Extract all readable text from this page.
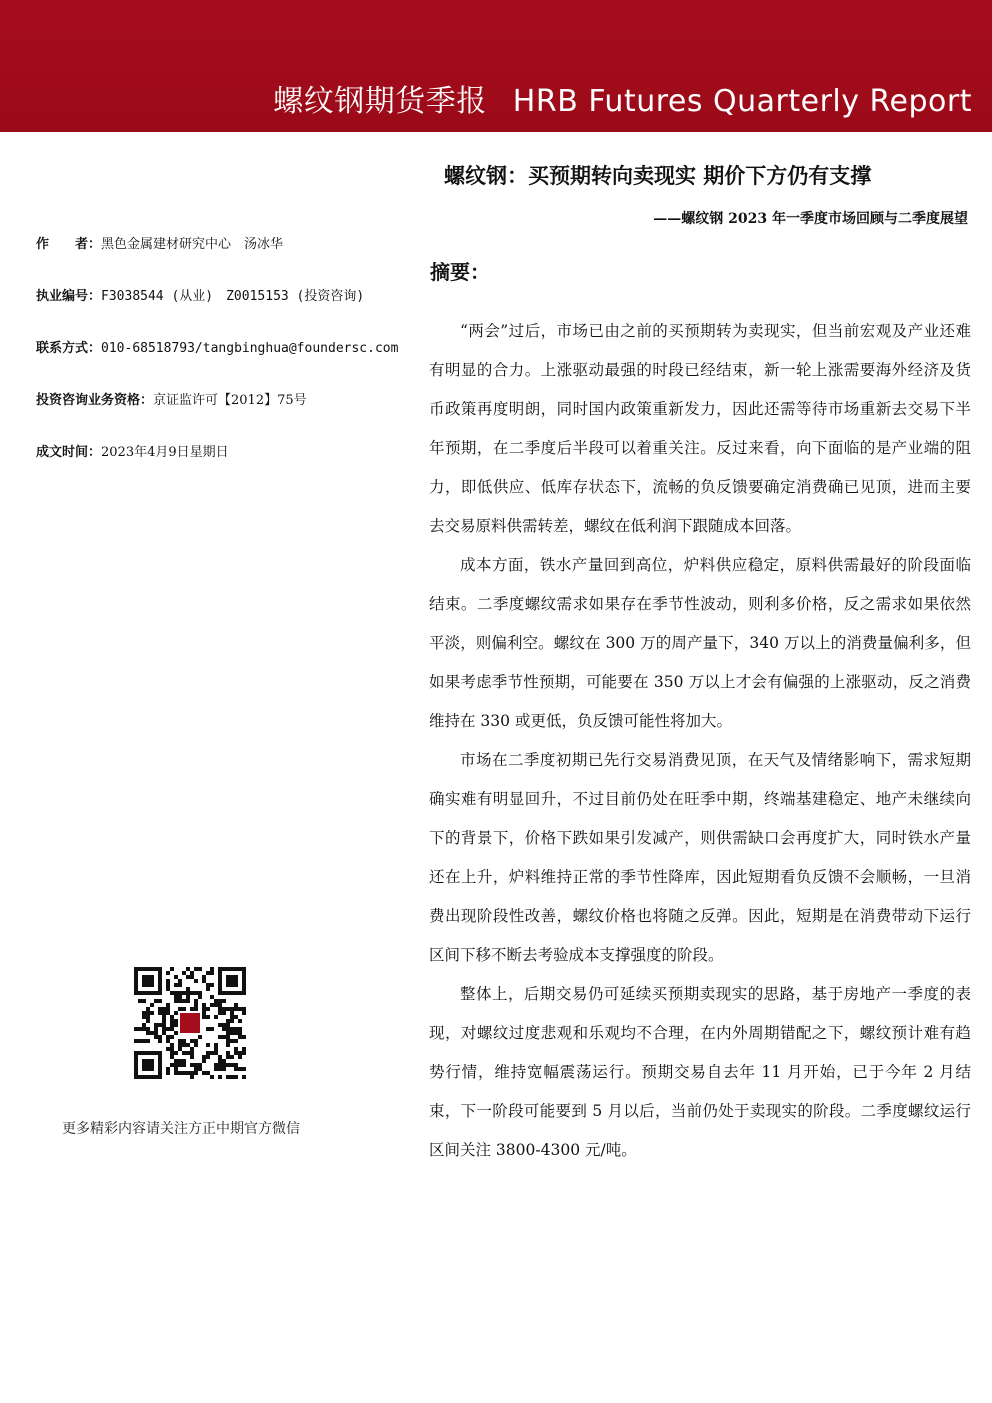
螺纹钢期货季报 HRB Futures Quarterly Report
螺纹钢：买预期转向卖现实 期价下方仍有支撑
——螺纹钢 2023 年一季度市场回顾与二季度展望
作　　者：黑色金属建材研究中心　汤冰华
执业编号：F3038544 (从业)　Z0015153 (投资咨询)
联系方式：010-68518793/tangbinghua@foundersc.com
投资咨询业务资格：京证监许可【2012】75号
成文时间：2023年4月9日星期日
摘要：

“两会”过后，市场已由之前的买预期转为卖现实，但当前宏观及产业还难有明显的合力。上涨驱动最强的时段已经结束，新一轮上涨需要海外经济及货币政策再度明朗，同时国内政策重新发力，因此还需等待市场重新去交易下半年预期，在二季度后半段可以着重关注。反过来看，向下面临的是产业端的阻力，即低供应、低库存状态下，流畅的负反馈要确定消费确已见顶，进而主要去交易原料供需转差，螺纹在低利润下跟随成本回落。

成本方面，铁水产量回到高位，炉料供应稳定，原料供需最好的阶段面临结束。二季度螺纹需求如果存在季节性波动，则利多价格，反之需求如果依然平淡，则偏利空。螺纹在 300 万的周产量下，340 万以上的消费量偏利多，但如果考虑季节性预期，可能要在 350 万以上才会有偏强的上涨驱动，反之消费维持在 330 或更低，负反馈可能性将加大。

市场在二季度初期已先行交易消费见顶，在天气及情绪影响下，需求短期确实难有明显回升，不过目前仍处在旺季中期，终端基建稳定、地产未继续向下的背景下，价格下跌如果引发减产，则供需缺口会再度扩大，同时铁水产量还在上升，炉料维持正常的季节性降库，因此短期看负反馈不会顺畅，一旦消费出现阶段性改善，螺纹价格也将随之反弹。因此，短期是在消费带动下运行区间下移不断去考验成本支撑强度的阶段。

整体上，后期交易仍可延续买预期卖现实的思路，基于房地产一季度的表现，对螺纹过度悲观和乐观均不合理，在内外周期错配之下，螺纹预计难有趋势行情，维持宽幅震荡运行。预期交易自去年 11 月开始，已于今年 2 月结束，下一阶段可能要到 5 月以后，当前仍处于卖现实的阶段。二季度螺纹运行区间关注 3800-4300 元/吨。

更多精彩内容请关注方正中期官方微信
